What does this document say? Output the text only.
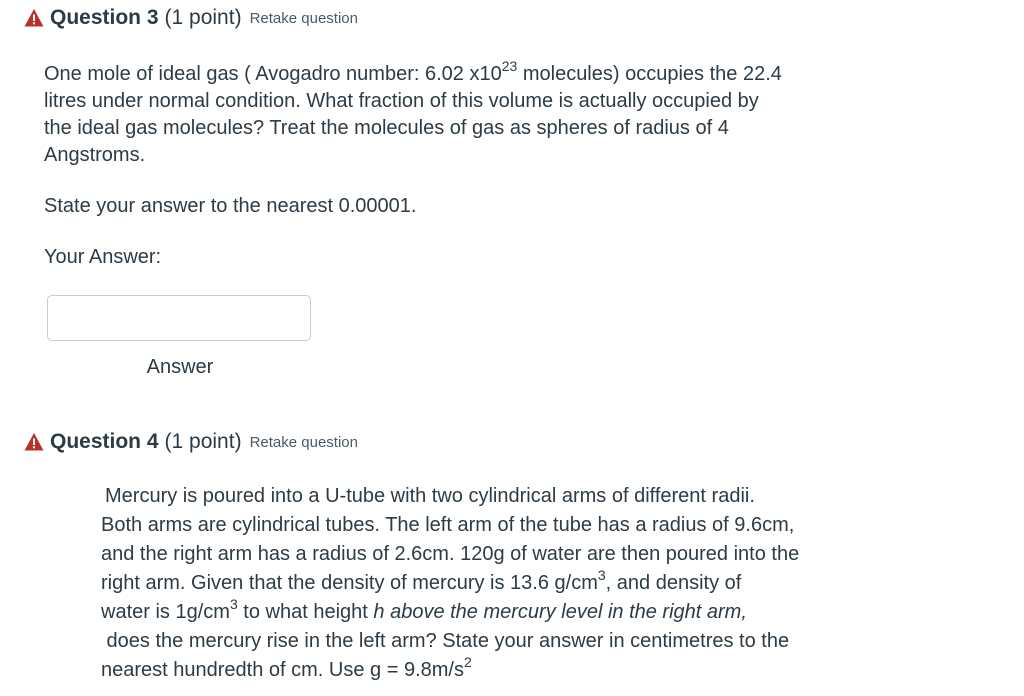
Question 3 (1 point) Retake question
One mole of ideal gas ( Avogadro number: 6.02 $x10^{23}$ molecules) occupies the 22.4
litres under normal condition. What fraction of this volume is actually occupied by
the ideal gas molecules? Treat the molecules of gas as spheres of radius of 4
Angstroms.
State your answer to the nearest 0.00001.
Your Answer:
Answer
Question 4 (1 point) Retake question
Mercury is poured into a U-tube with two cylindrical arms of different radii.
Both arms are cylindrical tubes. The left arm of the tube has a radius of 9.6cm,
and the right arm has a radius of 2.6cm. 120g of water are then poured into the
right arm. Given that the density of mercury is 13.6 $g/cm^3$, and density of
water is $1g/cm^3$ to what height h above the mercury level in the right arm,
does the mercury rise in the left arm? State your answer in centimetres to the
nearest hundredth of cm. Use $g = 9.8m/s^2$
